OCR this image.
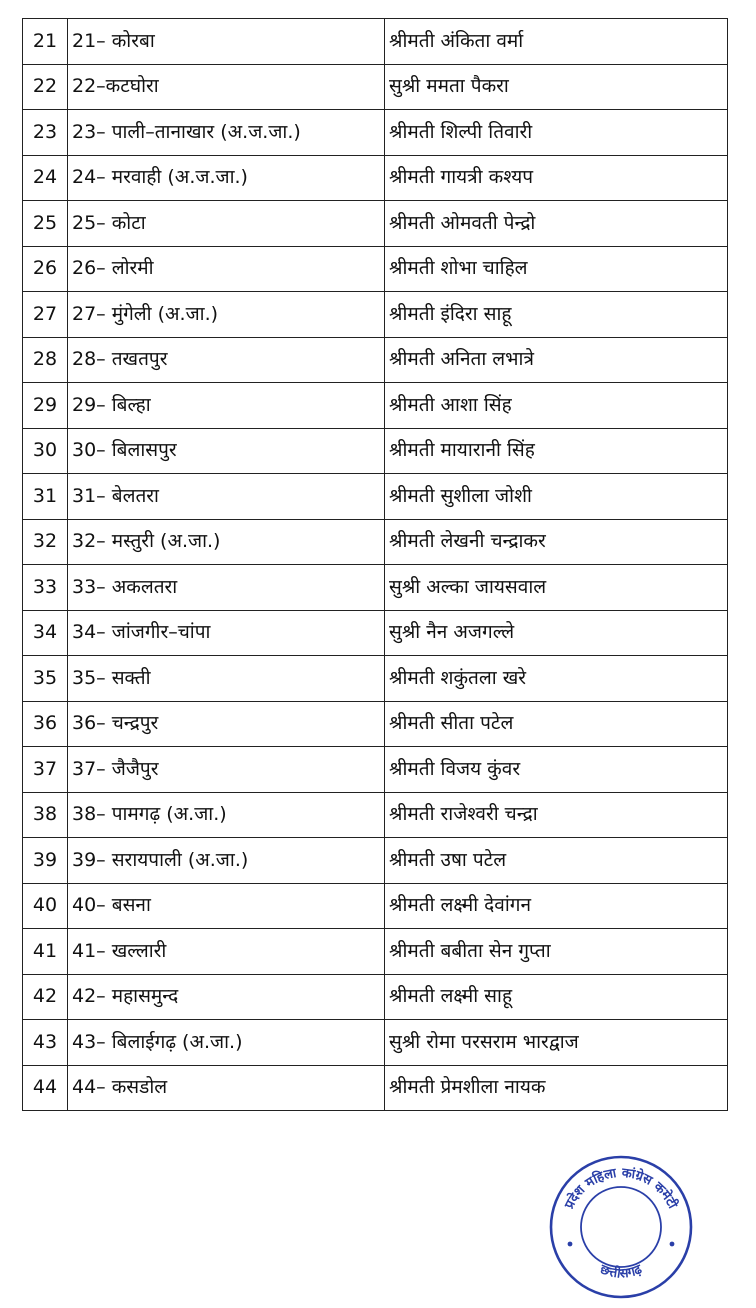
21	21– कोरबा	श्रीमती अंकिता वर्मा
22	22–कटघोरा	सुश्री ममता पैकरा
23	23– पाली–तानाखार (अ.ज.जा.)	श्रीमती शिल्पी तिवारी
24	24– मरवाही (अ.ज.जा.)	श्रीमती गायत्री कश्यप
25	25– कोटा	श्रीमती ओमवती पेन्द्रो
26	26– लोरमी	श्रीमती शोभा चाहिल
27	27– मुंगेली (अ.जा.)	श्रीमती इंदिरा साहू
28	28– तखतपुर	श्रीमती अनिता लभात्रे
29	29– बिल्हा	श्रीमती आशा सिंह
30	30– बिलासपुर	श्रीमती मायारानी सिंह
31	31– बेलतरा	श्रीमती सुशीला जोशी
32	32– मस्तुरी (अ.जा.)	श्रीमती लेखनी चन्द्राकर
33	33– अकलतरा	सुश्री अल्का जायसवाल
34	34– जांजगीर–चांपा	सुश्री नैन अजगल्ले
35	35– सक्ती	श्रीमती शकुंतला खरे
36	36– चन्द्रपुर	श्रीमती सीता पटेल
37	37– जैजैपुर	श्रीमती विजय कुंवर
38	38– पामगढ़ (अ.जा.)	श्रीमती राजेश्वरी चन्द्रा
39	39– सरायपाली (अ.जा.)	श्रीमती उषा पटेल
40	40– बसना	श्रीमती लक्ष्मी देवांगन
41	41– खल्लारी	श्रीमती बबीता सेन गुप्ता
42	42– महासमुन्द	श्रीमती लक्ष्मी साहू
43	43– बिलाईगढ़ (अ.जा.)	सुश्री रोमा परसराम भारद्वाज
44	44– कसडोल	श्रीमती प्रेमशीला नायक
प्रदेश महिला कांग्रेस कमेटी
छत्तीसगढ़
